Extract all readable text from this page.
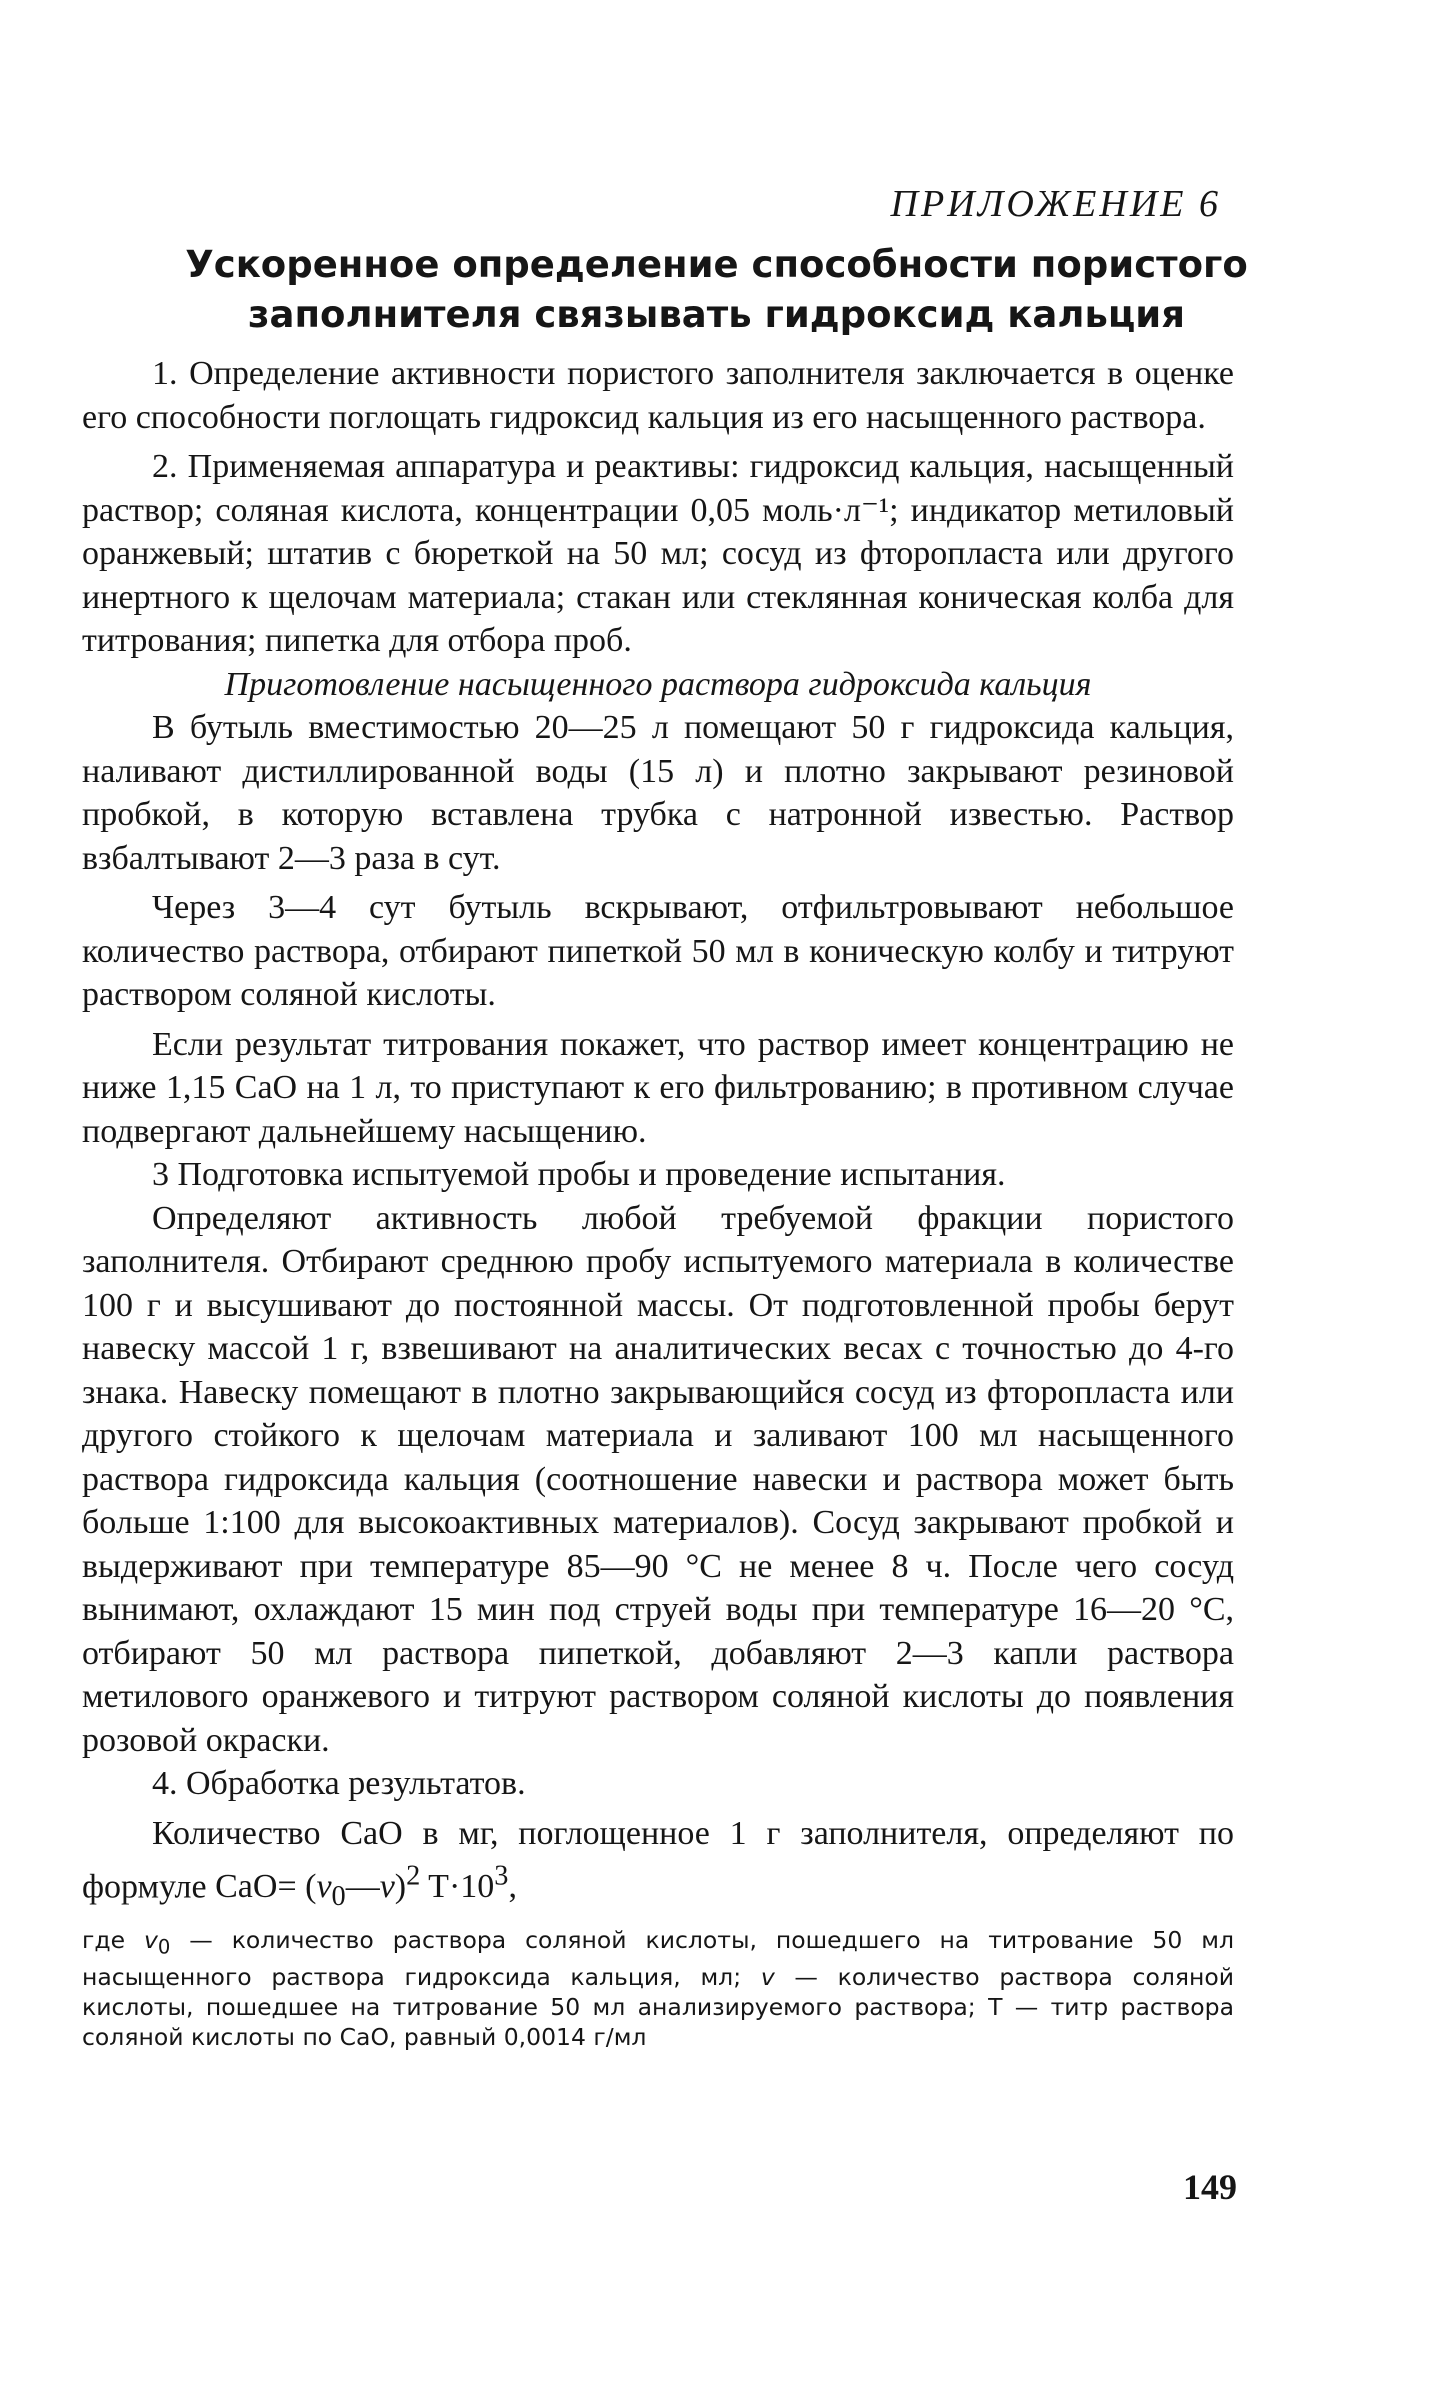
ПРИЛОЖЕНИЕ 6
Ускоренное определение способности пористого
заполнителя связывать гидроксид кальция

1. Определение активности пористого заполнителя заключается в оценке его способности поглощать гидроксид кальция из его насыщенного раствора.

2. Применяемая аппаратура и реактивы: гидроксид кальция, насыщенный раствор; соляная кислота, концентрации 0,05 моль·л⁻¹; индикатор метиловый оранжевый; штатив с бюреткой на 50 мл; сосуд из фторопласта или другого инертного к щелочам материала; стакан или стеклянная коническая колба для титрования; пипетка для отбора проб.

Приготовление насыщенного раствора гидроксида кальция

В бутыль вместимостью 20—25 л помещают 50 г гидроксида кальция, наливают дистиллированной воды (15 л) и плотно закрывают резиновой пробкой, в которую вставлена трубка с натронной известью. Раствор взбалтывают 2—3 раза в сут.

Через 3—4 сут бутыль вскрывают, отфильтровывают небольшое количество раствора, отбирают пипеткой 50 мл в коническую колбу и титруют раствором соляной кислоты.

Если результат титрования покажет, что раствор имеет концентрацию не ниже 1,15 CaO на 1 л, то приступают к его фильтрованию; в противном случае подвергают дальнейшему насыщению.

3 Подготовка испытуемой пробы и проведение испытания.

Определяют активность любой требуемой фракции пористого заполнителя. Отбирают среднюю пробу испытуемого материала в количестве 100 г и высушивают до постоянной массы. От подготовленной пробы берут навеску массой 1 г, взвешивают на аналитических весах с точностью до 4-го знака. Навеску помещают в плотно закрывающийся сосуд из фторопласта или другого стойкого к щелочам материала и заливают 100 мл насыщенного раствора гидроксида кальция (соотношение навески и раствора может быть больше 1:100 для высокоактивных материалов). Сосуд закрывают пробкой и выдерживают при температуре 85—90 °С не менее 8 ч. После чего сосуд вынимают, охлаждают 15 мин под струей воды при температуре 16—20 °С, отбирают 50 мл раствора пипеткой, добавляют 2—3 капли раствора метилового оранжевого и титруют раствором соляной кислоты до появления розовой окраски.

4. Обработка результатов.

Количество CaO в мг, поглощенное 1 г заполнителя, определяют по формуле $CaO= (v_0—v)^2$ $T\cdot 10^3$,

где $v_0$ — количество раствора соляной кислоты, пошедшего на титрование 50 мл насыщенного раствора гидроксида кальция, мл; v — количество раствора соляной кислоты, пошедшее на титрование 50 мл анализируемого раствора; T — титр раствора соляной кислоты по CaO, равный 0,0014 г/мл
149
